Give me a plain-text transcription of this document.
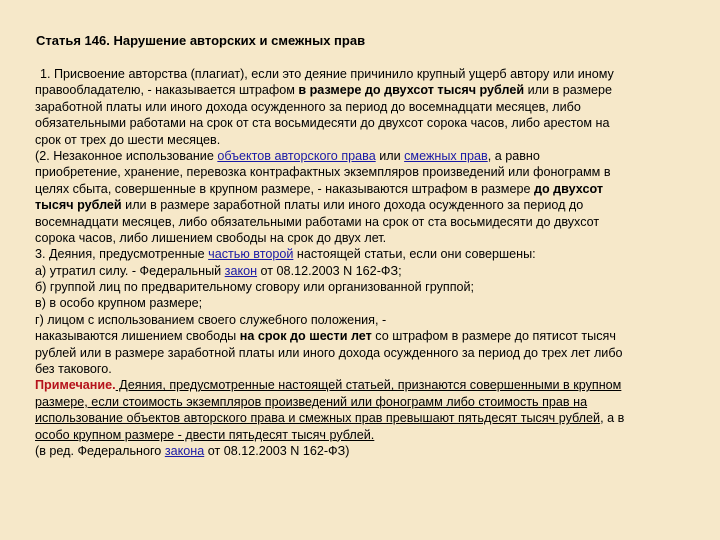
Статья 146. Нарушение авторских и смежных прав
1. Присвоение авторства (плагиат), если это деяние причинило крупный ущерб автору или иному
правообладателю, - наказывается штрафом в размере до двухсот тысяч рублей или в размере
заработной платы или иного дохода осужденного за период до восемнадцати месяцев, либо
обязательными работами на срок от ста восьмидесяти до двухсот сорока часов, либо арестом на
срок от трех до шести месяцев.
(2. Незаконное использование объектов авторского права или смежных прав, а равно
приобретение, хранение, перевозка контрафактных экземпляров произведений или фонограмм в
целях сбыта, совершенные в крупном размере, - наказываются штрафом в размере до двухсот
тысяч рублей или в размере заработной платы или иного дохода осужденного за период до
восемнадцати месяцев, либо обязательными работами на срок от ста восьмидесяти до двухсот
сорока часов, либо лишением свободы на срок до двух лет.
3. Деяния, предусмотренные частью второй настоящей статьи, если они совершены:
а) утратил силу. - Федеральный закон от 08.12.2003 N 162-ФЗ;
б) группой лиц по предварительному сговору или организованной группой;
в) в особо крупном размере;
г) лицом с использованием своего служебного положения, -
наказываются лишением свободы на срок до шести лет со штрафом в размере до пятисот тысяч
рублей или в размере заработной платы или иного дохода осужденного за период до трех лет либо
без такового.
Примечание. Деяния, предусмотренные настоящей статьей, признаются совершенными в крупном
размере, если стоимость экземпляров произведений или фонограмм либо стоимость прав на
использование объектов авторского права и смежных прав превышают пятьдесят тысяч рублей, а в
особо крупном размере - двести пятьдесят тысяч рублей.
(в ред. Федерального закона от 08.12.2003 N 162-ФЗ)
